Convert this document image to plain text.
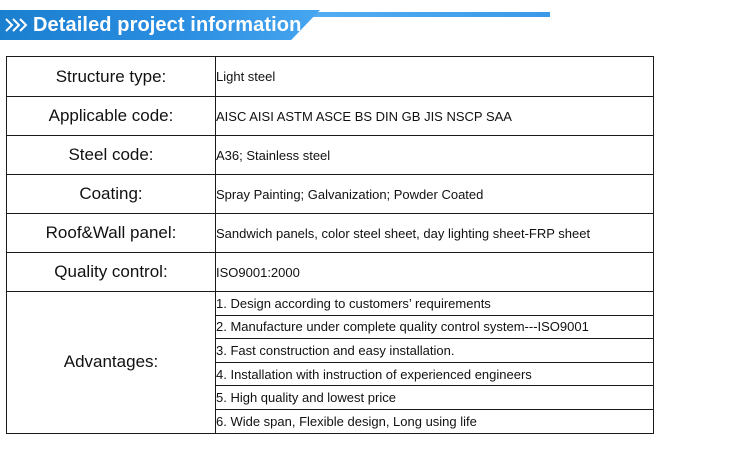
Detailed project information
Structure type:	Light steel
Applicable code:	AISC AISI ASTM ASCE BS DIN GB JIS NSCP SAA
Steel code:	A36; Stainless steel
Coating:	Spray Painting; Galvanization; Powder Coated
Roof&Wall panel:	Sandwich panels, color steel sheet, day lighting sheet-FRP sheet
Quality control:	ISO9001:2000
Advantages:	1. Design according to customers’ requirements
	2. Manufacture under complete quality control system---ISO9001
	3. Fast construction and easy installation.
	4. Installation with instruction of experienced engineers
	5. High quality and lowest price
	6. Wide span, Flexible design, Long using life
